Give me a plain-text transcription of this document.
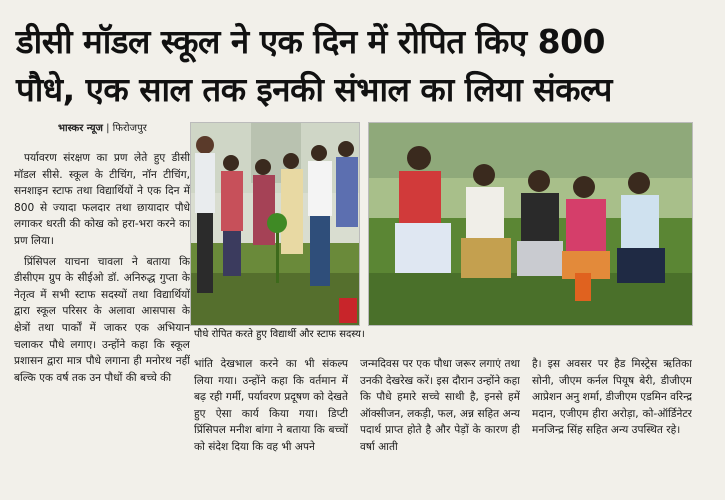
डीसी मॉडल स्कूल ने एक दिन में रोपित किए 800
पौधे, एक साल तक इनकी संभाल का लिया संकल्प
भास्कर न्यूज | फिरोजपुर

पर्यावरण संरक्षण का प्रण लेते हुए डीसी मॉडल सीसे. स्कूल के टीचिंग, नॉन टीचिंग, सनशाइन स्टाफ तथा विद्यार्थियों ने एक दिन में 800 से ज्यादा फलदार तथा छायादार पौधे लगाकर धरती की कोख को हरा-भरा करने का प्रण लिया।

प्रिंसिपल याचना चावला ने बताया कि डीसीएम ग्रुप के सीईओ डॉ. अनिरुद्ध गुप्ता के नेतृत्व में सभी स्टाफ सदस्यों तथा विद्यार्थियों द्वारा स्कूल परिसर के अलावा आसपास के क्षेत्रों तथा पार्कों में जाकर एक अभियान चलाकर पौधे लगाए। उन्होंने कहा कि स्कूल प्रशासन द्वारा मात्र पौधे लगाना ही मनोरथ नहीं बल्कि एक वर्ष तक उन पौधों की बच्चे की

पौधे रोपित करते हुए विद्यार्थी और स्टाफ सदस्य।

भांति देखभाल करने का भी संकल्प लिया गया। उन्होंने कहा कि वर्तमान में बढ़ रही गर्मी, पर्यावरण प्रदूषण को देखते हुए ऐसा कार्य किया गया। डिप्टी प्रिंसिपल मनीश बांगा ने बताया कि बच्चों को संदेश दिया कि वह भी अपने

जन्मदिवस पर एक पौधा जरूर लगाएं तथा उनकी देखरेख करें। इस दौरान उन्होंने कहा कि पौधे हमारे सच्चे साथी है, इनसे हमें ऑक्सीजन, लकड़ी, फल, अन्न सहित अन्य पदार्थ प्राप्त होते है और पेड़ों के कारण ही वर्षा आती

है। इस अवसर पर हैड मिस्ट्रेस ऋतिका सोनी, जीएम कर्नल पियूष बेरी, डीजीएम आप्रेशन अनु शर्मा, डीजीएम एडमिन वरिन्द्र मदान, एजीएम हीरा अरोड़ा, को-ऑर्डिनेटर मनजिन्द्र सिंह सहित अन्य उपस्थित रहे।
